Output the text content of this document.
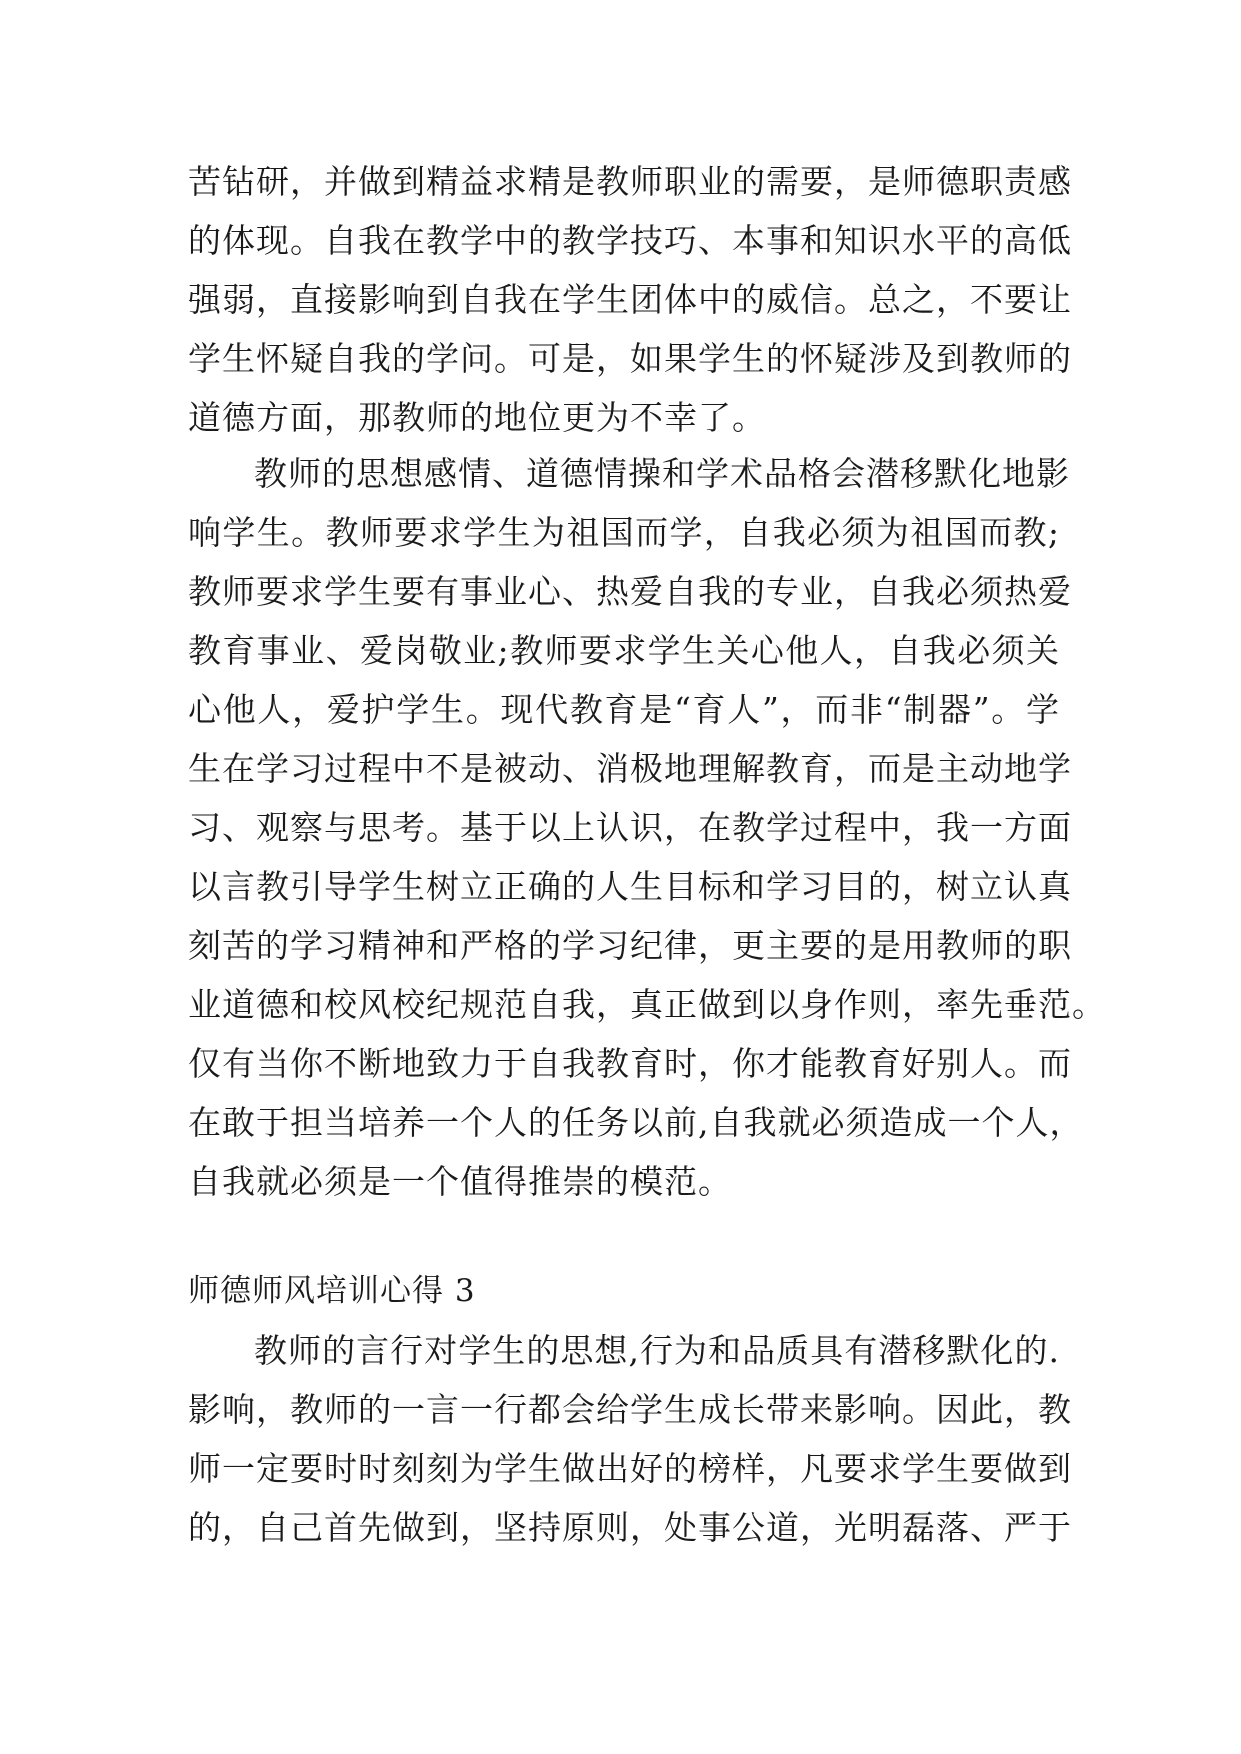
苦钻研，并做到精益求精是教师职业的需要，是师德职责感
的体现。自我在教学中的教学技巧、本事和知识水平的高低
强弱，直接影响到自我在学生团体中的威信。总之，不要让
学生怀疑自我的学问。可是，如果学生的怀疑涉及到教师的
道德方面，那教师的地位更为不幸了。
教师的思想感情、道德情操和学术品格会潜移默化地影
响学生。教师要求学生为祖国而学，自我必须为祖国而教;
教师要求学生要有事业心、热爱自我的专业，自我必须热爱
教育事业、爱岗敬业;教师要求学生关心他人，自我必须关
心他人，爱护学生。现代教育是“育人”，而非“制器”。学
生在学习过程中不是被动、消极地理解教育，而是主动地学
习、观察与思考。基于以上认识，在教学过程中，我一方面
以言教引导学生树立正确的人生目标和学习目的，树立认真
刻苦的学习精神和严格的学习纪律，更主要的是用教师的职
业道德和校风校纪规范自我，真正做到以身作则，率先垂范。
仅有当你不断地致力于自我教育时，你才能教育好别人。而
在敢于担当培养一个人的任务以前,自我就必须造成一个人，
自我就必须是一个值得推崇的模范。
师德师风培训心得 3
教师的言行对学生的思想,行为和品质具有潜移默化的.
影响，教师的一言一行都会给学生成长带来影响。因此，教
师一定要时时刻刻为学生做出好的榜样，凡要求学生要做到
的，自己首先做到，坚持原则，处事公道，光明磊落、严于
